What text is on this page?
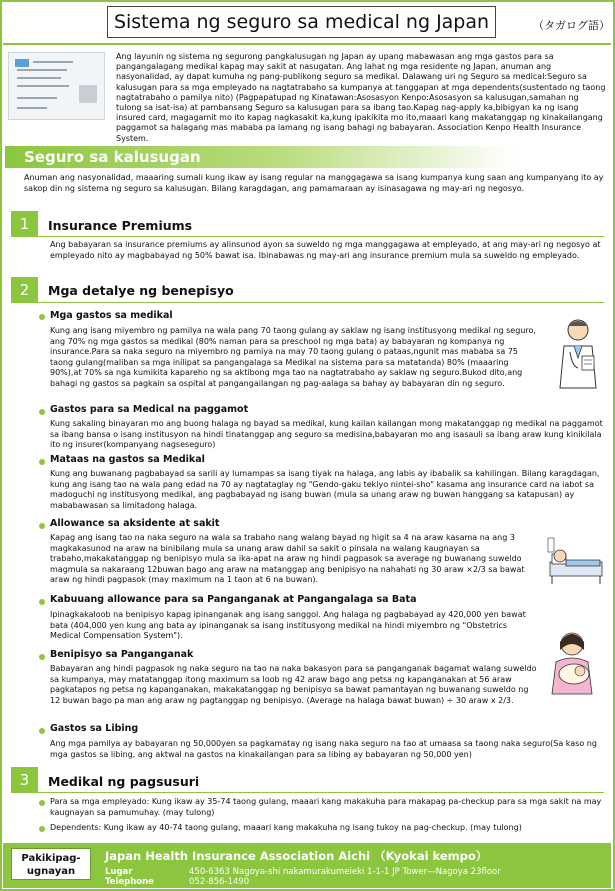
Sistema ng seguro sa medical ng Japan	（タガログ語）
Ang layunin ng sistema ng segurong pangkalusugan ng Japan ay upang mabawasan ang mga gastos para sa pangangalagang medikal kapag may sakit at nasugatan. Ang lahat ng mga residente ng Japan, anuman ang nasyonalidad, ay dapat kumuha ng pang-publikong seguro sa medikal. Dalawang uri ng Seguro sa medical:Seguro sa kalusugan para sa mga empleyado na nagtatrabaho sa kumpanya at tanggapan at mga dependents(sustentado ng taong nagtatrabaho o pamilya nito) (Pagpapatupad ng Kinatawan:Asosasyon Kenpo:Asosasyon sa kalusugan,samahan ng tulong sa isat-isa) at pambansang Seguro sa kalusugan para sa ibang tao.Kapag nag-apply ka,bibigyan ka ng isang insured card, magagamit mo ito kapag nagkasakit ka,kung ipakikita mo ito,maaari kang makatanggap ng kinakailangang paggamot sa halagang mas mababa pa lamang ng isang bahagi ng babayaran. Association Kenpo Health Insurance System.
Seguro sa kalusugan
Anuman ang nasyonalidad, maaaring sumali kung ikaw ay isang regular na manggagawa sa isang kumpanya kung saan ang kumpanyang ito ay sakop din ng sistema ng seguro sa kalusugan. Bilang karagdagan, ang pamamaraan ay isinasagawa ng may-ari ng negosyo.
1	Insurance Premiums
Ang babayaran sa insurance premiums ay alinsunod ayon sa suweldo ng mga manggagawa at empleyado, at ang may-ari ng negosyo at empleyado nito ay magbabayad ng 50% bawat isa. Ibinabawas ng may-ari ang insurance premium mula sa suweldo ng empleyado.
2	Mga detalye ng benepisyo
Mga gastos sa medikal
Kung ang isang miyembro ng pamilya na wala pang 70 taong gulang ay saklaw ng isang institusyong medikal ng seguro, ang 70% ng mga gastos sa medikal (80% naman para sa preschool ng mga bata) ay babayaran ng kompanya ng insurance.Para sa naka seguro na miyembro ng pamiya na may 70 taong gulang o pataas,ngunit mas mababa sa 75 taong gulang(maliban sa mga inilipat sa pangangalaga sa Medikal na sistema para sa matatanda) 80% (maaaring 90%),at 70% sa nga kumikita kapareho ng sa aktibong mga tao na nagtatrabaho ay saklaw ng seguro.Bukod dito,ang bahagi ng gastos sa pagkain sa ospital at pangangailangan ng pag-aalaga sa bahay ay babayaran din ng seguro.
Gastos para sa Medical na paggamot
Kung sakaling binayaran mo ang buong halaga ng bayad sa medikal, kung kailan kailangan mong makatanggap ng medikal na paggamot sa ibang bansa o isang institusyon na hindi tinatanggap ang seguro sa medisina,babayaran mo ang isasauli sa ibang araw kung kinikilala ito ng insurer(kompanyang nagseseguro)
Mataas na gastos sa Medikal
Kung ang buwanang pagbabayad sa sarili ay lumampas sa isang tiyak na halaga, ang labis ay ibabalik sa kahilingan. Bilang karagdagan, kung ang isang tao na wala pang edad na 70 ay nagtataglay ng "Gendo-gaku tekiyo nintei-sho" kasama ang insurance card na iabot sa madoguchi ng institusyong medikal, ang pagbabayad ng isang buwan (mula sa unang araw ng buwan hanggang sa katapusan) ay mababawasan sa limitadong halaga.
Allowance sa aksidente at sakit
Kapag ang isang tao na naka seguro na wala sa trabaho nang walang bayad ng higit sa 4 na araw kasama na ang 3 magkakasunod na araw na binibilang mula sa unang araw dahil sa sakit o pinsala na walang kaugnayan sa trabaho,makakatanggap ng benipisyo mula sa ika-apat na araw ng hindi pagpasok sa average ng buwanang suweldo magmula sa nakaraang 12buwan bago ang araw na matanggap ang benipisyo na nahahati ng 30 araw ×2/3 sa bawat araw ng hindi pagpasok (may maximum na 1 taon at 6 na buwan).
Kabuuang allowance para sa Panganganak at Pangangalaga sa Bata
Ipinagkakaloob na benipisyo kapag ipinanganak ang isang sanggol. Ang halaga ng pagbabayad ay 420,000 yen bawat bata (404,000 yen kung ang bata ay ipinanganak sa isang institusyong medikal na hindi miyembro ng "Obstetrics Medical Compensation System").
Benipisyo sa Panganganak
Babayaran ang hindi pagpasok ng naka seguro na tao na naka bakasyon para sa panganganak bagamat walang suweldo sa kumpanya, may matatanggap itong maximum sa loob ng 42 araw bago ang petsa ng kapanganakan at 56 araw pagkatapos ng petsa ng kapanganakan, makakatanggap ng benipisyo sa bawat pamantayan ng buwanang suweldo ng 12 buwan bago pa man ang araw ng pagtanggap ng benipisyo. (Average na halaga bawat buwan) ÷ 30 araw x 2/3.
Gastos sa Libing
Ang mga pamilya ay babayaran ng 50,000yen sa pagkamatay ng isang naka seguro na tao at umaasa sa taong naka seguro(Sa kaso ng mga gastos sa libing, ang aktwal na gastos na kinakailangan para sa libing ay babayaran ng 50,000 yen)
3	Medikal ng pagsusuri
Para sa mga empleyado: Kung ikaw ay 35-74 taong gulang, maaari kang makakuha para makapag pa-checkup para sa mga sakit na may kaugnayan sa pamumuhay. (may tulong)
Dependents: Kung ikaw ay 40-74 taong gulang, maaari kang makakuha ng isang tukoy na pag-checkup. (may tulong)
Pakikipag-ugnayan
Japan Health Insurance Association Aichi （Kyokai kempo）
Lugar	450-6363 Nagoya-shi nakamurakumeieki 1-1-1 JP Tower―Nagoya 23floor
Telephone	052-856-1490
